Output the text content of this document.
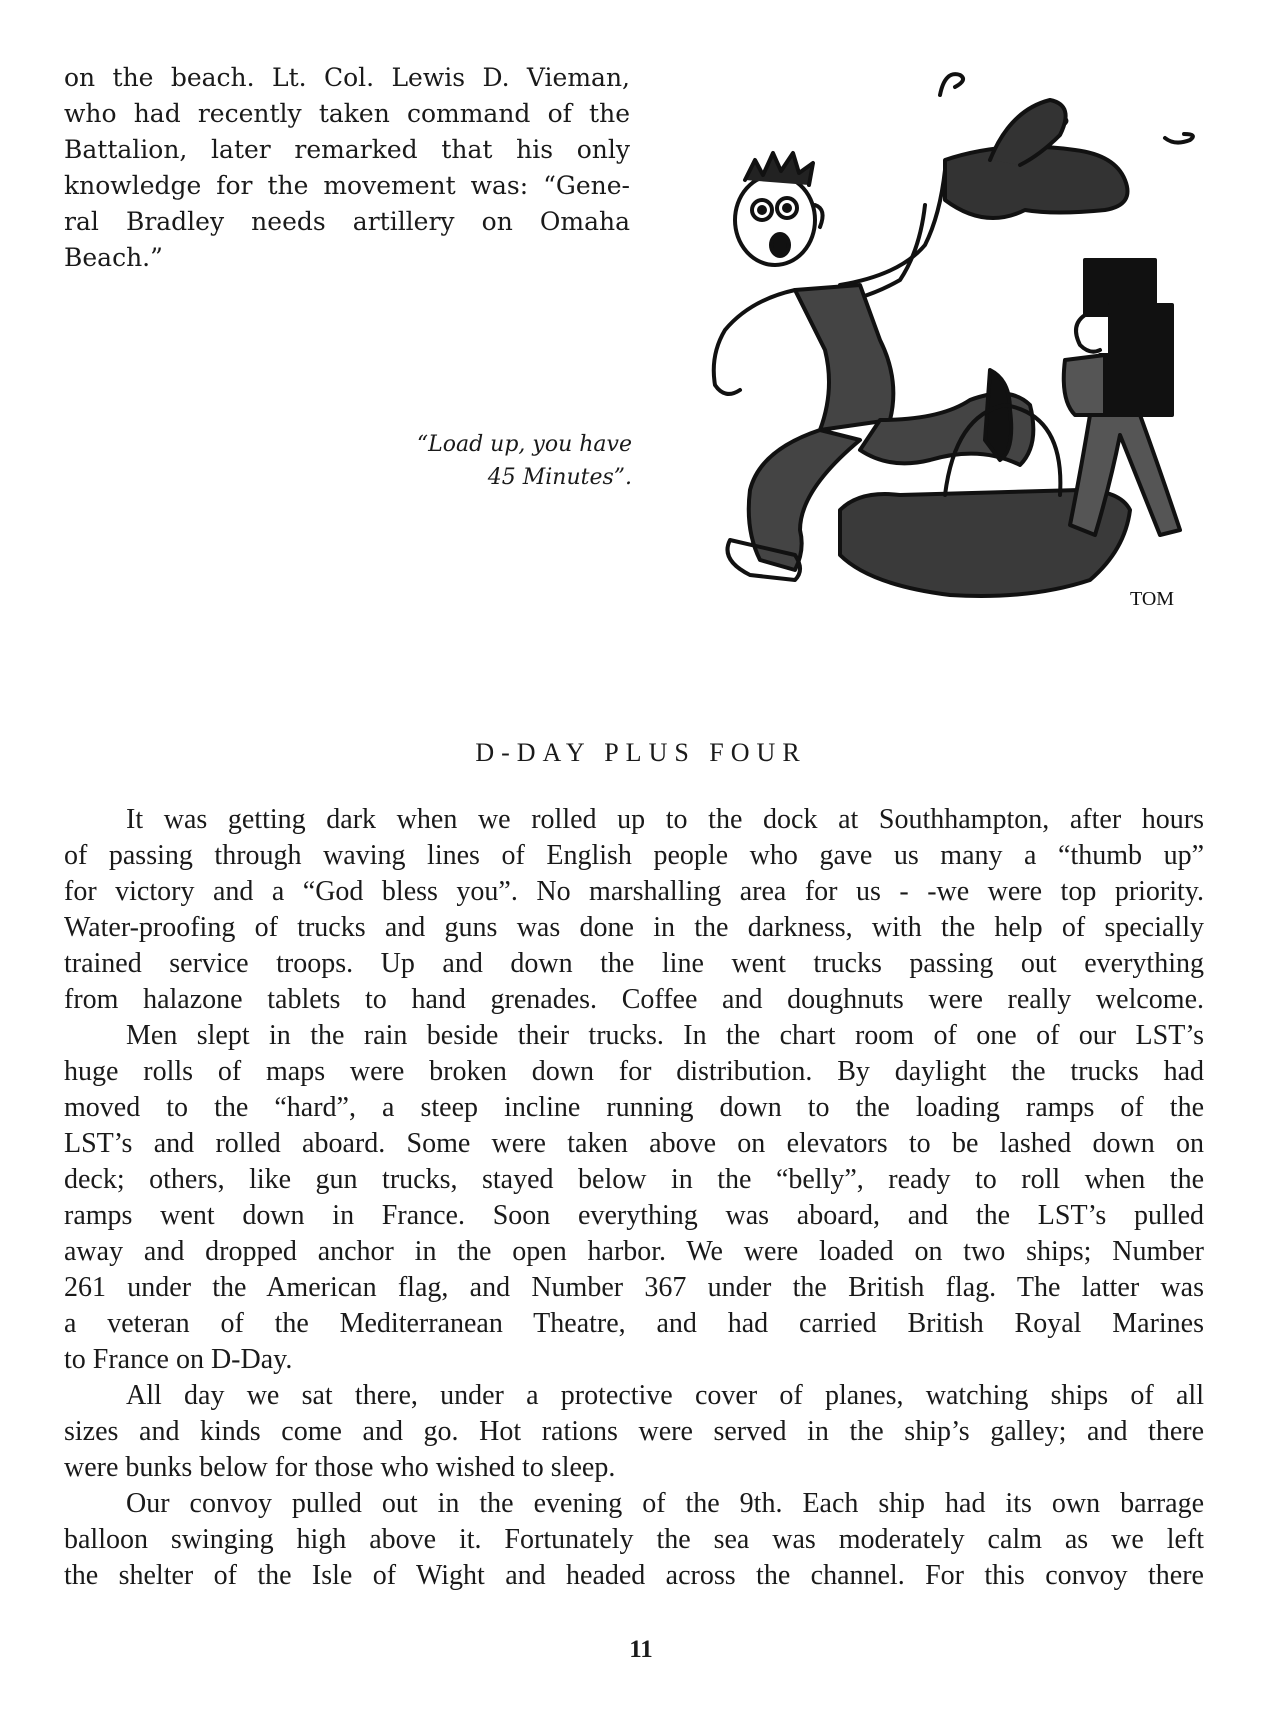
on the beach. Lt. Col. Lewis D. Vieman,
who had recently taken command of the
Battalion, later remarked that his only
knowledge for the movement was: “Gene-
ral Bradley needs artillery on Omaha
Beach.”
“Load up, you have
45 Minutes”.
TOM
D-DAY PLUS FOUR
It was getting dark when we rolled up to the dock at Southhampton, after hours
of passing through waving lines of English people who gave us many a “thumb up”
for victory and a “God bless you”. No marshalling area for us - -we were top priority.
Water-proofing of trucks and guns was done in the darkness, with the help of specially
trained service troops. Up and down the line went trucks passing out everything
from halazone tablets to hand grenades. Coffee and doughnuts were really welcome.
Men slept in the rain beside their trucks. In the chart room of one of our LST’s
huge rolls of maps were broken down for distribution. By daylight the trucks had
moved to the “hard”, a steep incline running down to the loading ramps of the
LST’s and rolled aboard. Some were taken above on elevators to be lashed down on
deck; others, like gun trucks, stayed below in the “belly”, ready to roll when the
ramps went down in France. Soon everything was aboard, and the LST’s pulled
away and dropped anchor in the open harbor. We were loaded on two ships; Number
261 under the American flag, and Number 367 under the British flag. The latter was
a veteran of the Mediterranean Theatre, and had carried British Royal Marines
to France on D-Day.
All day we sat there, under a protective cover of planes, watching ships of all
sizes and kinds come and go. Hot rations were served in the ship’s galley; and there
were bunks below for those who wished to sleep.
Our convoy pulled out in the evening of the 9th. Each ship had its own barrage
balloon swinging high above it. Fortunately the sea was moderately calm as we left
the shelter of the Isle of Wight and headed across the channel. For this convoy there
11
